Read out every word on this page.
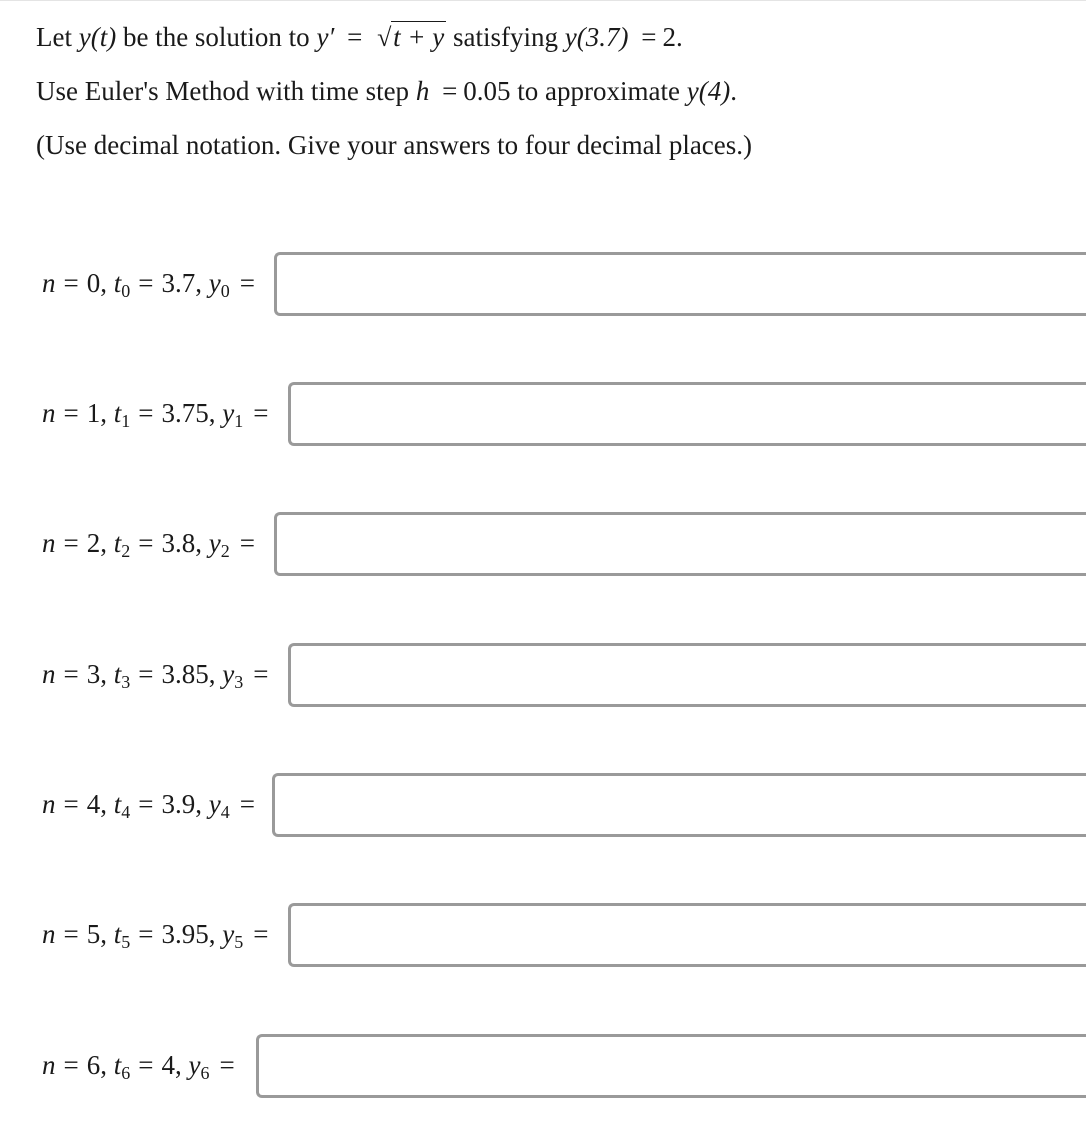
Let y(t) be the solution to y′ = √ t + y satisfying y(3.7) = 2.
Use Euler's Method with time step h = 0.05 to approximate y(4).
(Use decimal notation. Give your answers to four decimal places.)
n = 0, $t_0 = 3.7$, $y_0$ =
n = 1, $t_1 = 3.75$, $y_1$ =
n = 2, $t_2 = 3.8$, $y_2$ =
n = 3, $t_3 = 3.85$, $y_3$ =
n = 4, $t_4 = 3.9$, $y_4$ =
n = 5, $t_5 = 3.95$, $y_5$ =
n = 6, $t_6 = 4$, $y_6$ =
